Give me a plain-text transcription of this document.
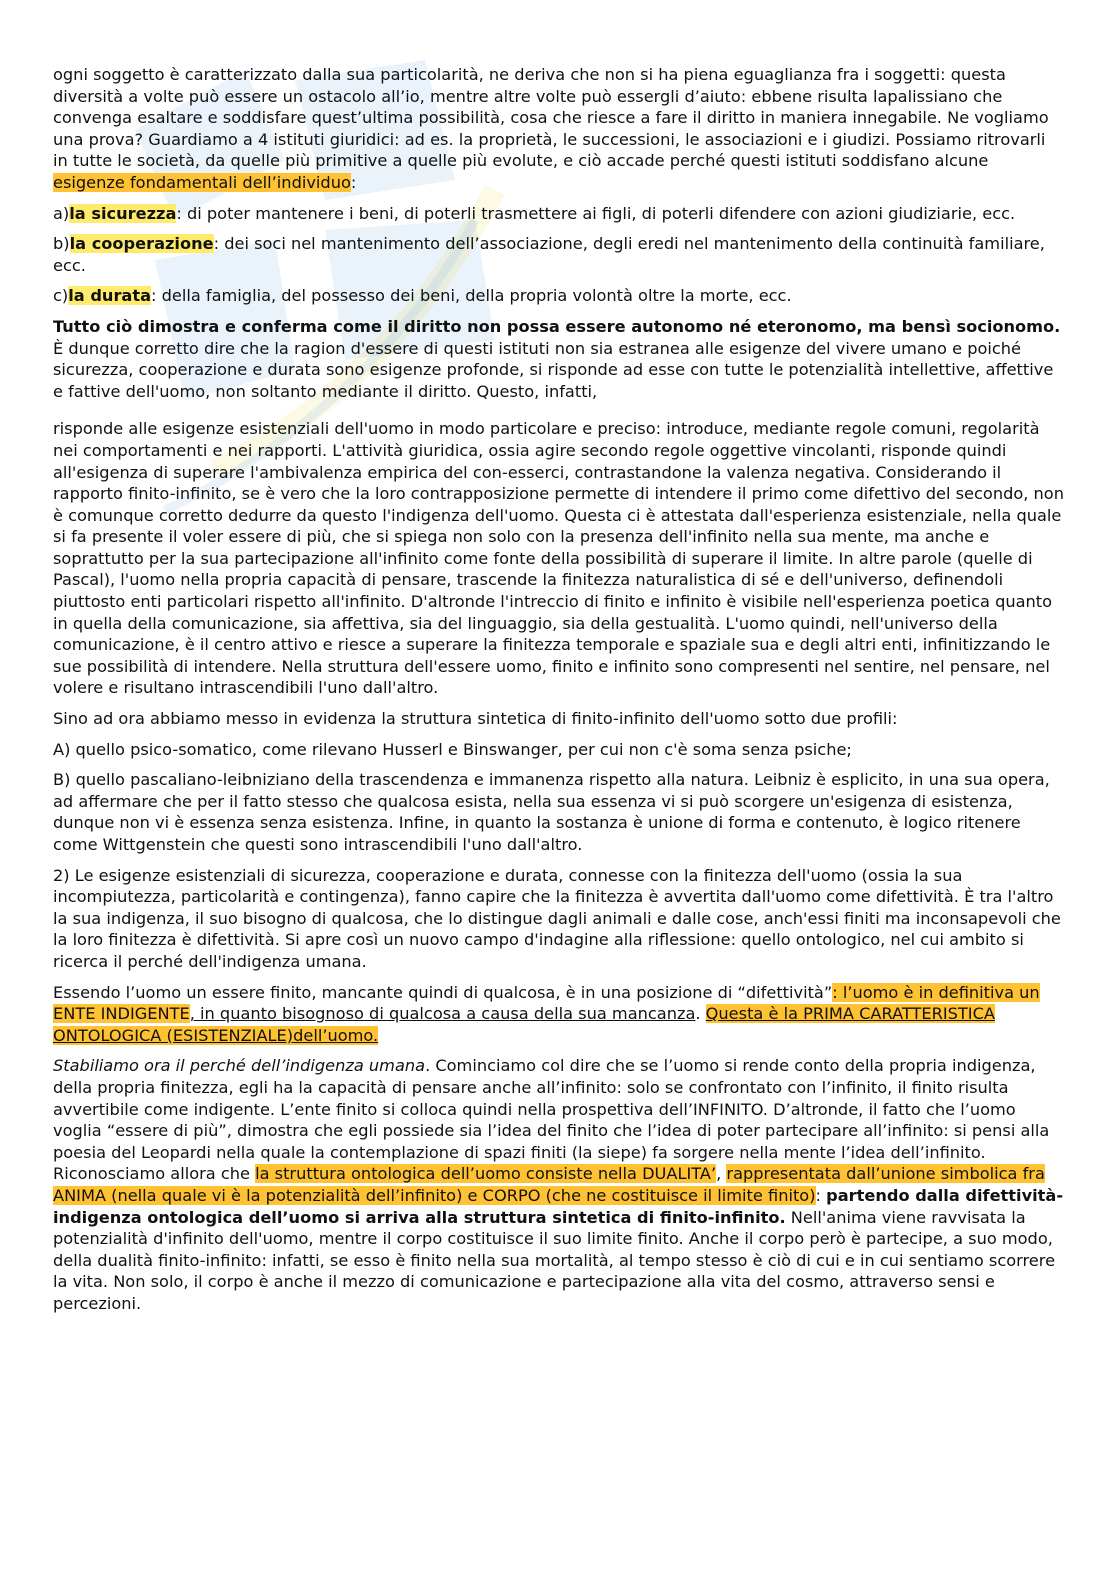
ogni soggetto è caratterizzato dalla sua particolarità, ne deriva che non si ha piena eguaglianza fra i soggetti: questa diversità a volte può essere un ostacolo all’io, mentre altre volte può essergli d’aiuto: ebbene risulta lapalissiano che convenga esaltare e soddisfare quest’ultima possibilità, cosa che riesce a fare il diritto in maniera innegabile. Ne vogliamo una prova? Guardiamo a 4 istituti giuridici: ad es. la proprietà, le successioni, le associazioni e i giudizi. Possiamo ritrovarli in tutte le società, da quelle più primitive a quelle più evolute, e ciò accade perché questi istituti soddisfano alcune esigenze fondamentali dell’individuo:

a)la sicurezza: di poter mantenere i beni, di poterli trasmettere ai figli, di poterli difendere con azioni giudiziarie, ecc.

b)la cooperazione: dei soci nel mantenimento dell’associazione, degli eredi nel mantenimento della continuità familiare, ecc.

c)la durata: della famiglia, del possesso dei beni, della propria volontà oltre la morte, ecc.

Tutto ciò dimostra e conferma come il diritto non possa essere autonomo né eteronomo, ma bensì socionomo. È dunque corretto dire che la ragion d'essere di questi istituti non sia estranea alle esigenze del vivere umano e poiché sicurezza, cooperazione e durata sono esigenze profonde, si risponde ad esse con tutte le potenzialità intellettive, affettive e fattive dell'uomo, non soltanto mediante il diritto. Questo, infatti,

risponde alle esigenze esistenziali dell'uomo in modo particolare e preciso: introduce, mediante regole comuni, regolarità nei comportamenti e nei rapporti. L'attività giuridica, ossia agire secondo regole oggettive vincolanti, risponde quindi all'esigenza di superare l'ambivalenza empirica del con-esserci, contrastandone la valenza negativa. Considerando il rapporto finito-infinito, se è vero che la loro contrapposizione permette di intendere il primo come difettivo del secondo, non è comunque corretto dedurre da questo l'indigenza dell'uomo. Questa ci è attestata dall'esperienza esistenziale, nella quale si fa presente il voler essere di più, che si spiega non solo con la presenza dell'infinito nella sua mente, ma anche e soprattutto per la sua partecipazione all'infinito come fonte della possibilità di superare il limite. In altre parole (quelle di Pascal), l'uomo nella propria capacità di pensare, trascende la finitezza naturalistica di sé e dell'universo, definendoli piuttosto enti particolari rispetto all'infinito. D'altronde l'intreccio di finito e infinito è visibile nell'esperienza poetica quanto in quella della comunicazione, sia affettiva, sia del linguaggio, sia della gestualità. L'uomo quindi, nell'universo della comunicazione, è il centro attivo e riesce a superare la finitezza temporale e spaziale sua e degli altri enti, infinitizzando le sue possibilità di intendere. Nella struttura dell'essere uomo, finito e infinito sono compresenti nel sentire, nel pensare, nel volere e risultano intrascendibili l'uno dall'altro.

Sino ad ora abbiamo messo in evidenza la struttura sintetica di finito-infinito dell'uomo sotto due profili:

A) quello psico-somatico, come rilevano Husserl e Binswanger, per cui non c'è soma senza psiche;

B) quello pascaliano-leibniziano della trascendenza e immanenza rispetto alla natura. Leibniz è esplicito, in una sua opera, ad affermare che per il fatto stesso che qualcosa esista, nella sua essenza vi si può scorgere un'esigenza di esistenza, dunque non vi è essenza senza esistenza. Infine, in quanto la sostanza è unione di forma e contenuto, è logico ritenere come Wittgenstein che questi sono intrascendibili l'uno dall'altro.

2) Le esigenze esistenziali di sicurezza, cooperazione e durata, connesse con la finitezza dell'uomo (ossia la sua incompiutezza, particolarità e contingenza), fanno capire che la finitezza è avvertita dall'uomo come difettività. È tra l'altro la sua indigenza, il suo bisogno di qualcosa, che lo distingue dagli animali e dalle cose, anch'essi finiti ma inconsapevoli che la loro finitezza è difettività. Si apre così un nuovo campo d'indagine alla riflessione: quello ontologico, nel cui ambito si ricerca il perché dell'indigenza umana.

Essendo l’uomo un essere finito, mancante quindi di qualcosa, è in una posizione di “difettività”: l’uomo è in definitiva un ENTE INDIGENTE, in quanto bisognoso di qualcosa a causa della sua mancanza. Questa è la PRIMA CARATTERISTICA ONTOLOGICA (ESISTENZIALE)dell’uomo.

Stabiliamo ora il perché dell’indigenza umana. Cominciamo col dire che se l’uomo si rende conto della propria indigenza, della propria finitezza, egli ha la capacità di pensare anche all’infinito: solo se confrontato con l’infinito, il finito risulta avvertibile come indigente. L’ente finito si colloca quindi nella prospettiva dell’INFINITO. D’altronde, il fatto che l’uomo voglia “essere di più”, dimostra che egli possiede sia l’idea del finito che l’idea di poter partecipare all’infinito: si pensi alla poesia del Leopardi nella quale la contemplazione di spazi finiti (la siepe) fa sorgere nella mente l’idea dell’infinito. Riconosciamo allora che la struttura ontologica dell’uomo consiste nella DUALITA’, rappresentata dall’unione simbolica fra ANIMA (nella quale vi è la potenzialità dell’infinito) e CORPO (che ne costituisce il limite finito): partendo dalla difettività-indigenza ontologica dell’uomo si arriva alla struttura sintetica di finito-infinito. Nell'anima viene ravvisata la potenzialità d'infinito dell'uomo, mentre il corpo costituisce il suo limite finito. Anche il corpo però è partecipe, a suo modo, della dualità finito-infinito: infatti, se esso è finito nella sua mortalità, al tempo stesso è ciò di cui e in cui sentiamo scorrere la vita. Non solo, il corpo è anche il mezzo di comunicazione e partecipazione alla vita del cosmo, attraverso sensi e percezioni.
